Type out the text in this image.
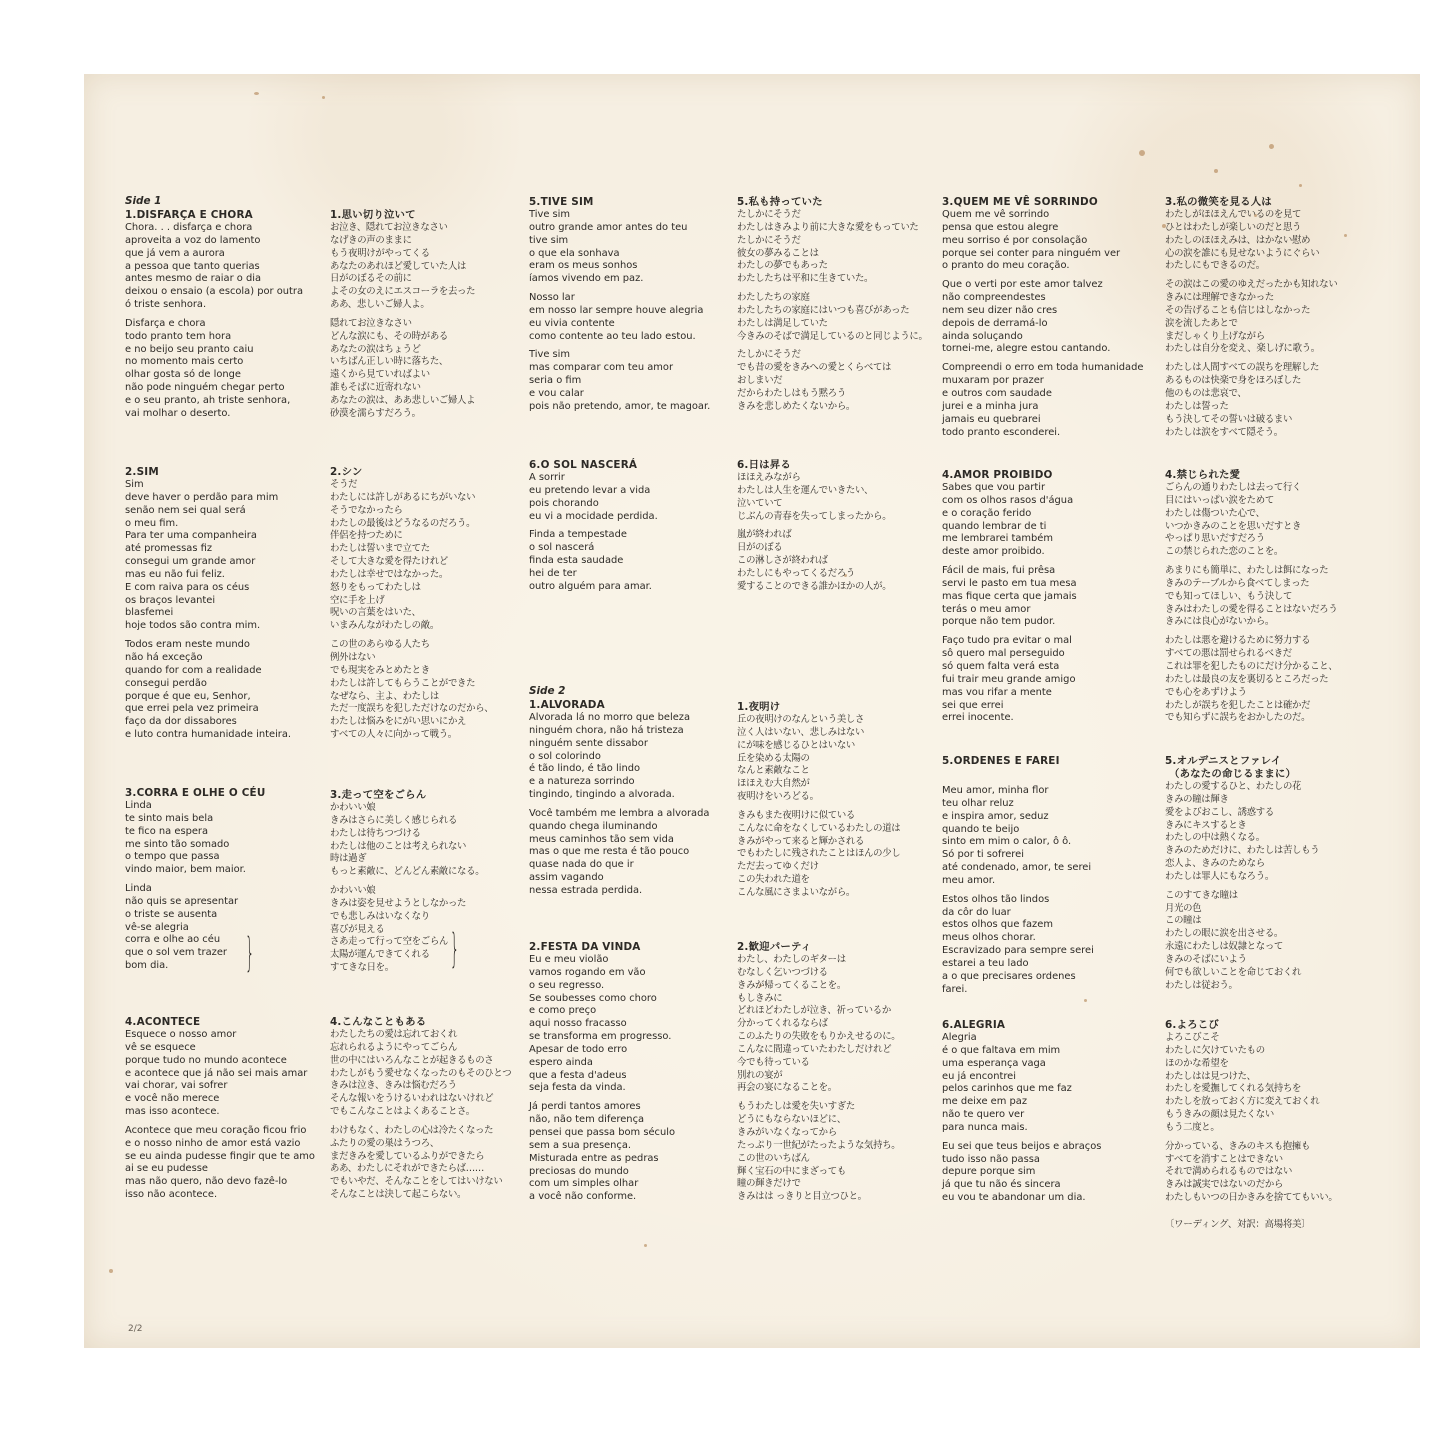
Side 1
1.DISFARÇA E CHORA
Chora. . . disfarça e chora
aproveita a voz do lamento
que já vem a aurora
a pessoa que tanto querias
antes mesmo de raiar o dia
deixou o ensaio (a escola) por outra
ó triste senhora.
Disfarça e chora
todo pranto tem hora
e no beijo seu pranto caiu
no momento mais certo
olhar gosta só de longe
não pode ninguém chegar perto
e o seu pranto, ah triste senhora,
vai molhar o deserto.
2.SIM
Sim
deve haver o perdão para mim
senão nem sei qual será
o meu fim.
Para ter uma companheira
até promessas fiz
consegui um grande amor
mas eu não fui feliz.
E com raiva para os céus
os braços levantei
blasfemei
hoje todos são contra mim.
Todos eram neste mundo
não há exceção
quando for com a realidade
consegui perdão
porque é que eu, Senhor,
que errei pela vez primeira
faço da dor dissabores
e luto contra humanidade inteira.
3.CORRA E OLHE O CÉU
Linda
te sinto mais bela
te fico na espera
me sinto tão somado
o tempo que passa
vindo maior, bem maior.
Linda
não quis se apresentar
o triste se ausenta
vê-se alegria
corra e olhe ao céu
que o sol vem trazer
bom dia.	}
4.ACONTECE
Esquece o nosso amor
vê se esquece
porque tudo no mundo acontece
e acontece que já não sei mais amar
vai chorar, vai sofrer
e você não merece
mas isso acontece.
Acontece que meu coração ficou frio
e o nosso ninho de amor está vazio
se eu ainda pudesse fingir que te amo
ai se eu pudesse
mas não quero, não devo fazê-lo
isso não acontece.
1.思い切り泣いて
お泣き、隠れてお泣きなさい
なげきの声のままに
もう夜明けがやってくる
あなたのあれほど愛していた人は
日がのぼるその前に
よその女のえにエスコーラを去った
ああ、悲しいご婦人よ。
隠れてお泣きなさい
どんな涙にも、その時がある
あなたの涙はちょうど
いちばん正しい時に落ちた、
遠くから見ていればよい
誰もそばに近寄れない
あなたの涙は、ああ悲しいご婦人よ
砂漠を濡らすだろう。
2.シン
そうだ
わたしには許しがあるにちがいない
そうでなかったら
わたしの最後はどうなるのだろう。
伴侶を持つために
わたしは誓いまで立てた
そして大きな愛を得たけれど
わたしは幸せではなかった。
怒りをもってわたしは
空に手を上げ
呪いの言葉をはいた、
いまみんながわたしの敵。
この世のあらゆる人たち
例外はない
でも現実をみとめたとき
わたしは許してもらうことができた
なぜなら、主よ、わたしは
ただ一度誤ちを犯しただけなのだから、
わたしは悩みをにがい思いにかえ
すべての人々に向かって戦う。
3.走って空をごらん
かわいい娘
きみはさらに美しく感じられる
わたしは待ちつづける
わたしは他のことは考えられない
時は過ぎ
もっと素敵に、どんどん素敵になる。
かわいい娘
きみは姿を見せようとしなかった
でも悲しみはいなくなり
喜びが見える
さあ走って行って空をごらん
太陽が運んできてくれる
すてきな日を。	}
4.こんなこともある
わたしたちの愛は忘れておくれ
忘れられるようにやってごらん
世の中にはいろんなことが起きるものさ
わたしがもう愛せなくなったのもそのひとつ
きみは泣き、きみは悩むだろう
そんな報いをうけるいわれはないけれど
でもこんなことはよくあることさ。
わけもなく、わたしの心は冷たくなった
ふたりの愛の巣はうつろ、
まだきみを愛しているふりができたら
ああ、わたしにそれができたらば……
でもいやだ、そんなことをしてはいけない
そんなことは決して起こらない。
5.TIVE SIM
Tive sim
outro grande amor antes do teu
tive sim
o que ela sonhava
eram os meus sonhos
íamos vivendo em paz.
Nosso lar
em nosso lar sempre houve alegria
eu vivia contente
como contente ao teu lado estou.
Tive sim
mas comparar com teu amor
seria o fim
e vou calar
pois não pretendo, amor, te magoar.
6.O SOL NASCERÁ
A sorrir
eu pretendo levar a vida
pois chorando
eu vi a mocidade perdida.
Finda a tempestade
o sol nascerá
finda esta saudade
hei de ter
outro alguém para amar.
Side 2
1.ALVORADA
Alvorada lá no morro que beleza
ninguém chora, não há tristeza
ninguém sente dissabor
o sol colorindo
é tão lindo, é tão lindo
e a natureza sorrindo
tingindo, tingindo a alvorada.
Você também me lembra a alvorada
quando chega iluminando
meus caminhos tão sem vida
mas o que me resta é tão pouco
quase nada do que ir
assim vagando
nessa estrada perdida.
2.FESTA DA VINDA
Eu e meu violão
vamos rogando em vão
o seu regresso.
Se soubesses como choro
e como preço
aqui nosso fracasso
se transforma em progresso.
Apesar de todo erro
espero ainda
que a festa d'adeus
seja festa da vinda.
Já perdi tantos amores
não, não tem diferença
pensei que passa bom século
sem a sua presença.
Misturada entre as pedras
preciosas do mundo
com um simples olhar
a você não conforme.
5.私も持っていた
たしかにそうだ
わたしはきみより前に大きな愛をもっていた
たしかにそうだ
彼女の夢みることは
わたしの夢でもあった
わたしたちは平和に生きていた。
わたしたちの家庭
わたしたちの家庭にはいつも喜びがあった
わたしは満足していた
今きみのそばで満足しているのと同じように。
たしかにそうだ
でも昔の愛をきみへの愛とくらべては
おしまいだ
だからわたしはもう黙ろう
きみを悲しめたくないから。
6.日は昇る
ほほえみながら
わたしは人生を運んでいきたい、
泣いていて
じぶんの青春を失ってしまったから。
嵐が終われば
日がのぼる
この淋しさが終われば
わたしにもやってくるだろう
愛することのできる誰かほかの人が。
1.夜明け
丘の夜明けのなんという美しさ
泣く人はいない、悲しみはない
にが味を感じるひとはいない
丘を染める太陽の
なんと素敵なこと
ほほえむ大自然が
夜明けをいろどる。
きみもまた夜明けに似ている
こんなに命をなくしているわたしの道は
きみがやって来ると輝かされる
でもわたしに残されたことはほんの少し
ただ去ってゆくだけ
この失われた道を
こんな風にさまよいながら。
2.歓迎パーティ
わたし、わたしのギターは
むなしく乞いつづける
きみが帰ってくることを。
もしきみに
どれほどわたしが泣き、祈っているか
分かってくれるならば
このふたりの失敗をもりかえせるのに。
こんなに間違っていたわたしだけれど
今でも待っている
別れの宴が
再会の宴になることを。
もうわたしは愛を失いすぎた
どうにもならないほどに、
きみがいなくなってから
たっぷり一世紀がたったような気持ち。
この世のいちばん
輝く宝石の中にまざっても
瞳の輝きだけで
きみはは っきりと目立つひと。
3.QUEM ME VÊ SORRINDO
Quem me vê sorrindo
pensa que estou alegre
meu sorriso é por consolação
porque sei conter para ninguém ver
o pranto do meu coração.
Que o verti por este amor talvez
não compreendestes
nem seu dizer não cres
depois de derramá-lo
ainda soluçando
tornei-me, alegre estou cantando.
Compreendi o erro em toda humanidade
muxaram por prazer
e outros com saudade
jurei e a minha jura
jamais eu quebrarei
todo pranto esconderei.
4.AMOR PROIBIDO
Sabes que vou partir
com os olhos rasos d'água
e o coração ferido
quando lembrar de ti
me lembrarei também
deste amor proibido.
Fácil de mais, fui prêsa
servi le pasto em tua mesa
mas fique certa que jamais
terás o meu amor
porque não tem pudor.
Faço tudo pra evitar o mal
sô quero mal perseguido
só quem falta verá esta
fui trair meu grande amigo
mas vou rifar a mente
sei que errei
errei inocente.
5.ORDENES E FAREI
Meu amor, minha flor
teu olhar reluz
e inspira amor, seduz
quando te beijo
sinto em mim o calor, ô ô.
Só por ti sofrerei
até condenado, amor, te serei
meu amor.
Estos olhos tão lindos
da côr do luar
estos olhos que fazem
meus olhos chorar.
Escravizado para sempre serei
estarei a teu lado
a o que precisares ordenes
farei.
6.ALEGRIA
Alegria
é o que faltava em mim
uma esperança vaga
eu já encontrei
pelos carinhos que me faz
me deixe em paz
não te quero ver
para nunca mais.
Eu sei que teus beijos e abraços
tudo isso não passa
depure porque sim
já que tu não és sincera
eu vou te abandonar um dia.
3.私の微笑を見る人は
わたしがほほえんでいるのを見て
ひとはわたしが楽しいのだと思う
わたしのほほえみは、はかない慰め
心の涙を誰にも見せないようにぐらい
わたしにもできるのだ。
その涙はこの愛のゆえだったかも知れない
きみには理解できなかった
その告げることも信じはしなかった
涙を流したあとで
まだしゃくり上げながら
わたしは自分を変え、楽しげに歌う。
わたしは人間すべての誤ちを理解した
あるものは快楽で身をほろぼした
他のものは悲哀で、
わたしは誓った
もう決してその誓いは破るまい
わたしは涙をすべて隠そう。
4.禁じられた愛
ごらんの通りわたしは去って行く
目にはいっぱい涙をためて
わたしは傷ついた心で、
いつかきみのことを思いだすとき
やっぱり思いだすだろう
この禁じられた恋のことを。
あまりにも簡単に、わたしは餌になった
きみのテーブルから食べてしまった
でも知ってほしい、もう決して
きみはわたしの愛を得ることはないだろう
きみには良心がないから。
わたしは悪を避けるために努力する
すべての悪は罰せられるべきだ
これは罪を犯したものにだけ分かること、
わたしは最良の友を裏切るところだった
でも心をあずけよう
わたしが誤ちを犯したことは確かだ
でも知らずに誤ちをおかしたのだ。
5.オルデニスとファレイ
（あなたの命じるままに）
わたしの愛するひと、わたしの花
きみの瞳は輝き
愛をよびおこし、誘惑する
きみにキスするとき
わたしの中は熱くなる。
きみのためだけに、わたしは苦しもう
恋人よ、きみのためなら
わたしは罪人にもなろう。
このすてきな瞳は
月光の色
この瞳は
わたしの眼に涙を出させる。
永遠にわたしは奴隷となって
きみのそばにいよう
何でも欲しいことを命じておくれ
わたしは従おう。
6.よろこび
よろこびこそ
わたしに欠けていたもの
ほのかな希望を
わたしはは見つけた、
わたしを愛撫してくれる気持ちを
わたしを放っておく方に変えておくれ
もうきみの顔は見たくない
もう二度と。
分かっている、きみのキスも抱擁も
すべてを消すことはできない
それで満められるものではない
きみは誠実ではないのだから
わたしもいつの日かきみを捨ててもいい。
〔ワーディング、対訳：高場将美〕
2/2
